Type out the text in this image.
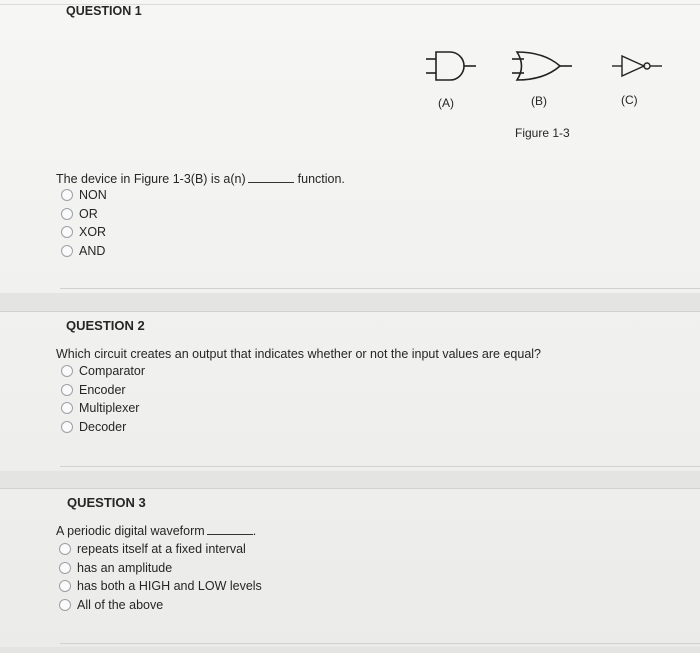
QUESTION 1
(A)	(B)	(C)
Figure 1-3
The device in Figure 1-3(B) is a(n)	function.
NON
OR
XOR
AND
QUESTION 2
Which circuit creates an output that indicates whether or not the input values are equal?
Comparator
Encoder
Multiplexer
Decoder
QUESTION 3
A periodic digital waveform	.
repeats itself at a fixed interval
has an amplitude
has both a HIGH and LOW levels
All of the above
